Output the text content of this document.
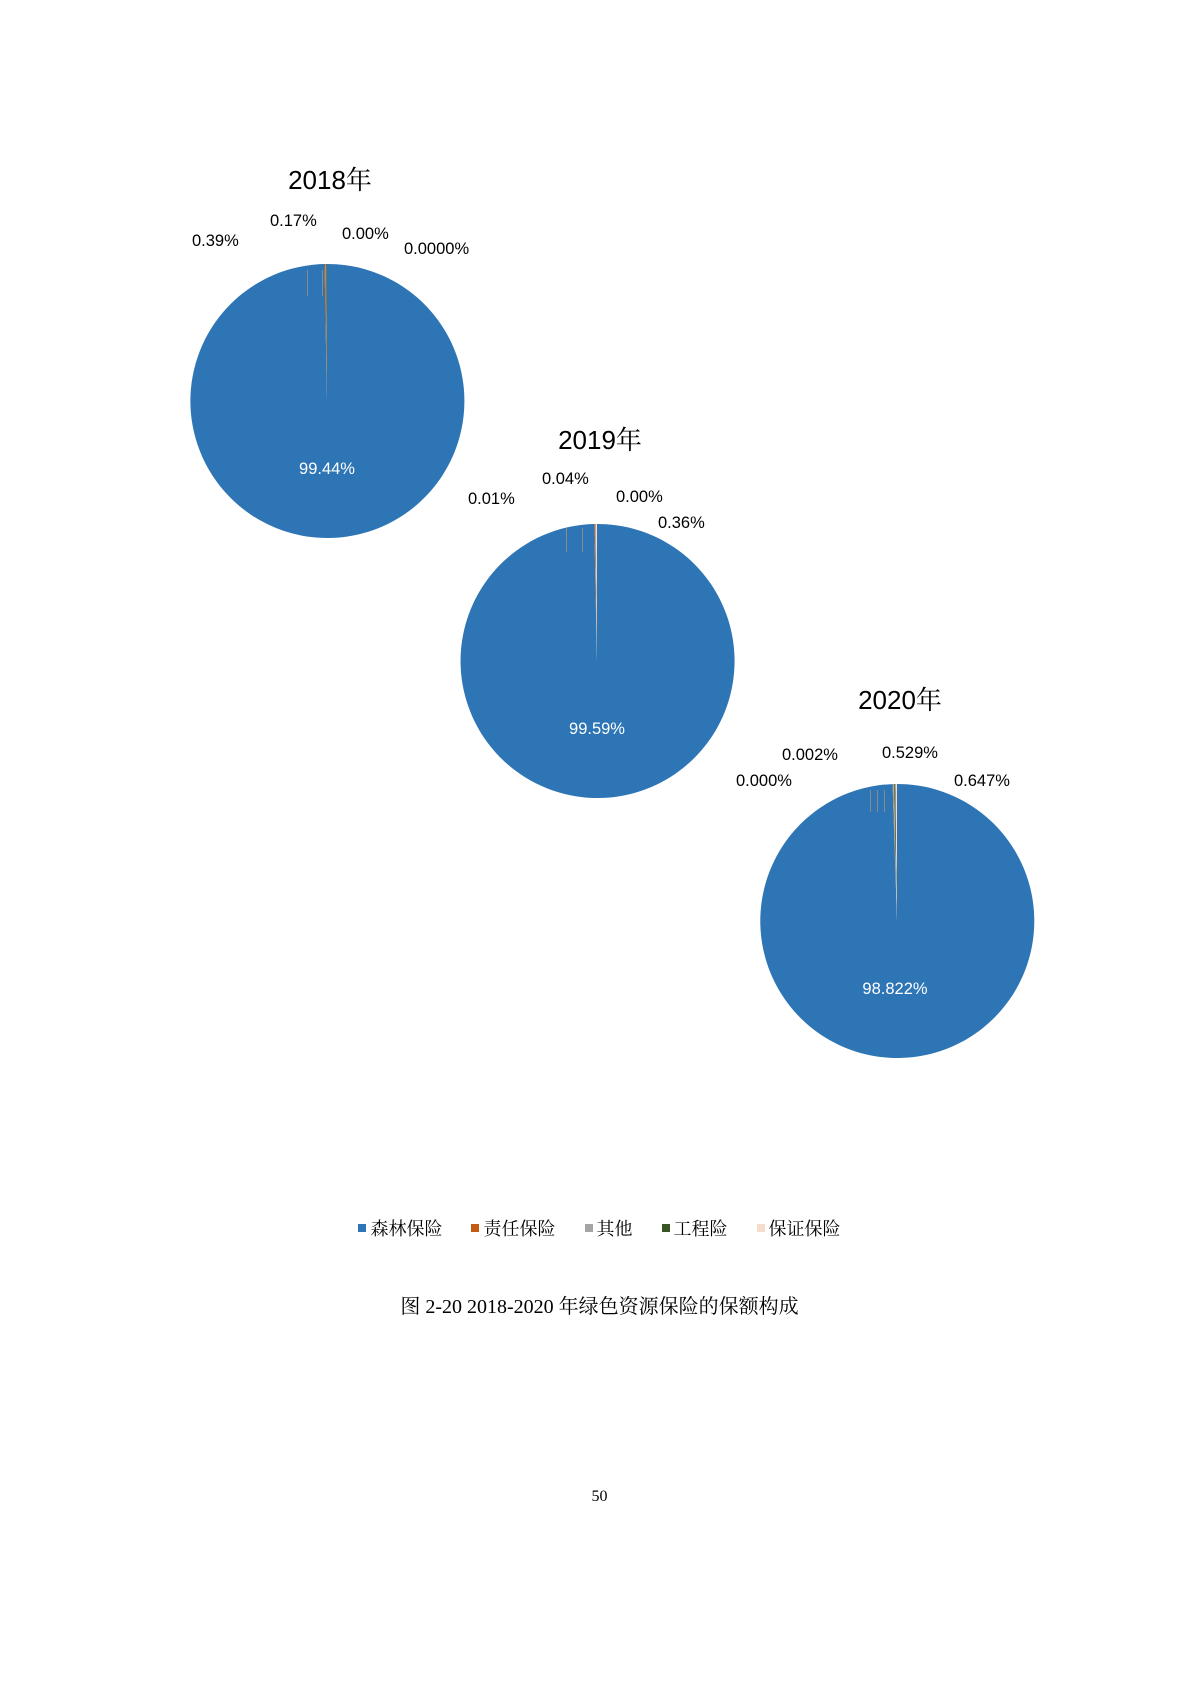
2018年
0.39%
0.17%
0.00%
0.0000%
99.44%
2019年
0.01%
0.04%
0.00%
0.36%
99.59%
2020年
0.000%
0.002%	0.529%
0.647%
98.822%
森林保险 责任保险 其他 工程险 保证保险
图 2-20 2018-2020 年绿色资源保险的保额构成
50
